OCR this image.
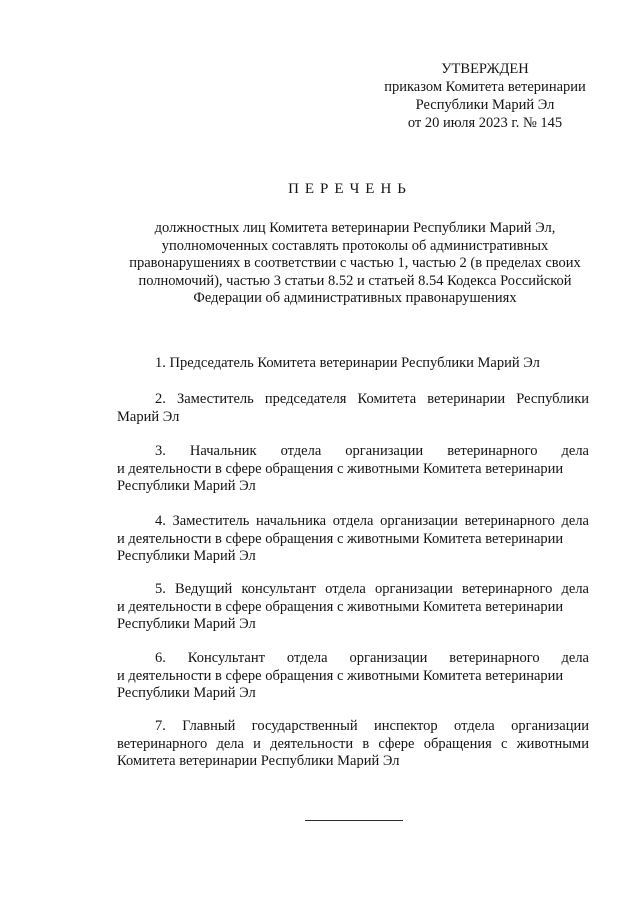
УТВЕРЖДЕН
приказом Комитета ветеринарии
Республики Марий Эл
от 20 июля 2023 г. № 145
ПЕРЕЧЕНЬ
должностных лиц Комитета ветеринарии Республики Марий Эл,
уполномоченных составлять протоколы об административных
правонарушениях в соответствии с частью 1, частью 2 (в пределах своих
полномочий), частью 3 статьи 8.52 и статьей 8.54 Кодекса Российской
Федерации об административных правонарушениях
1. Председатель Комитета ветеринарии Республики Марий Эл
2. Заместитель председателя Комитета ветеринарии Республики
Марий Эл
3. Начальник отдела организации ветеринарного дела
и деятельности в сфере обращения с животными Комитета ветеринарии
Республики Марий Эл
4. Заместитель начальника отдела организации ветеринарного дела
и деятельности в сфере обращения с животными Комитета ветеринарии
Республики Марий Эл
5. Ведущий консультант отдела организации ветеринарного дела
и деятельности в сфере обращения с животными Комитета ветеринарии
Республики Марий Эл
6. Консультант отдела организации ветеринарного дела
и деятельности в сфере обращения с животными Комитета ветеринарии
Республики Марий Эл
7. Главный государственный инспектор отдела организации
ветеринарного дела и деятельности в сфере обращения с животными
Комитета ветеринарии Республики Марий Эл
